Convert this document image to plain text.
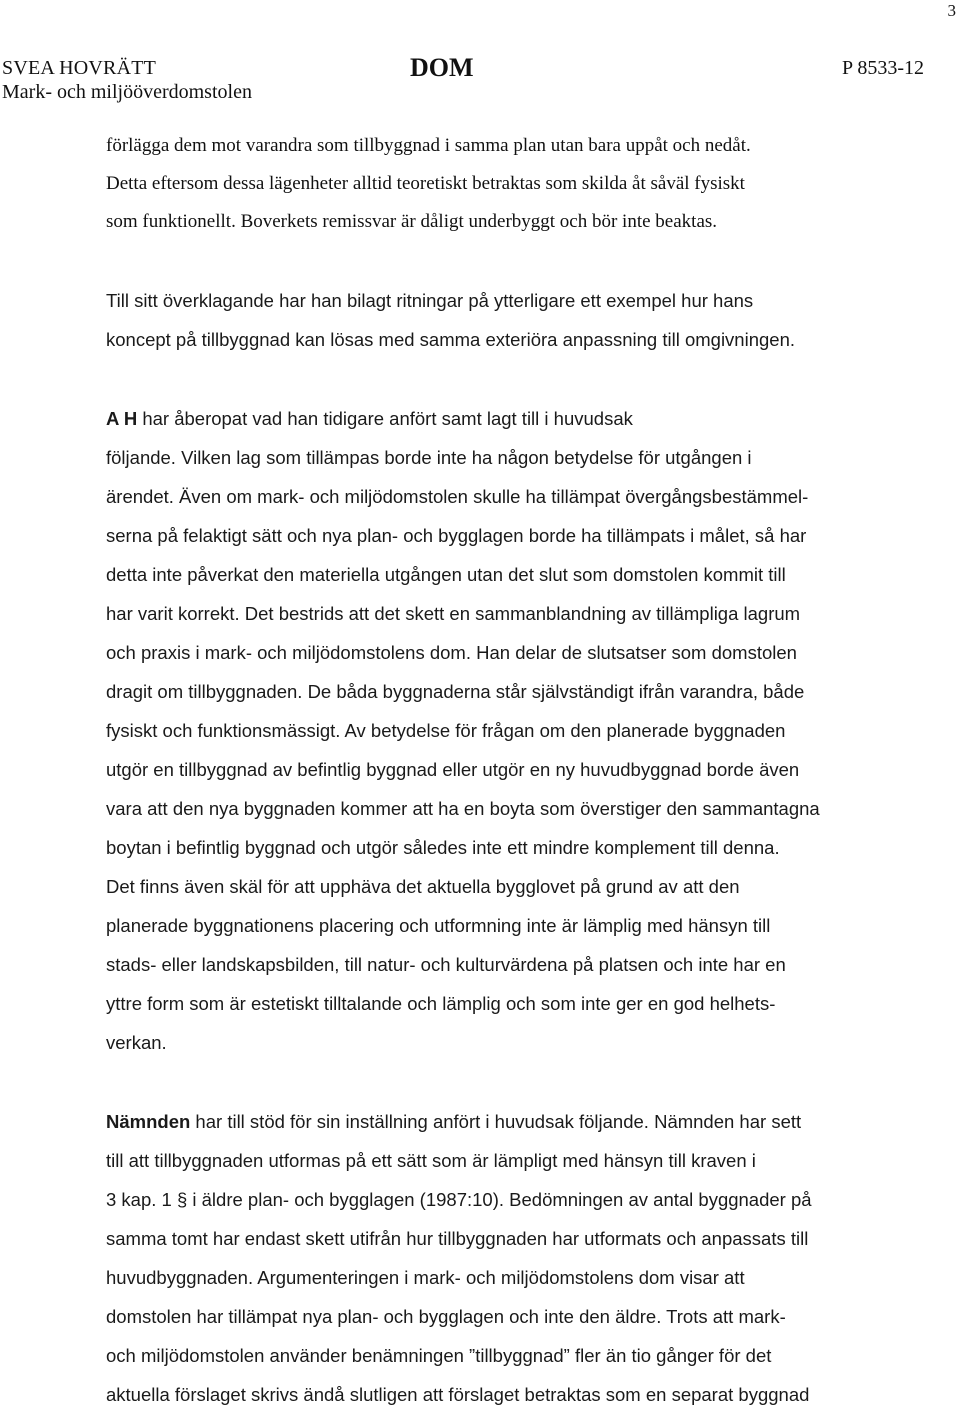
3
SVEA HOVRÄTT
Mark- och miljööverdomstolen
DOM	P 8533-12

förlägga dem mot varandra som tillbyggnad i samma plan utan bara uppåt och nedåt.
Detta eftersom dessa lägenheter alltid teoretiskt betraktas som skilda åt såväl fysiskt
som funktionellt. Boverkets remissvar är dåligt underbyggt och bör inte beaktas.

Till sitt överklagande har han bilagt ritningar på ytterligare ett exempel hur hans
koncept på tillbyggnad kan lösas med samma exteriöra anpassning till omgivningen.

A H har åberopat vad han tidigare anfört samt lagt till i huvudsak
följande. Vilken lag som tillämpas borde inte ha någon betydelse för utgången i
ärendet. Även om mark- och miljödomstolen skulle ha tillämpat övergångsbestämmel-
serna på felaktigt sätt och nya plan- och bygglagen borde ha tillämpats i målet, så har
detta inte påverkat den materiella utgången utan det slut som domstolen kommit till
har varit korrekt. Det bestrids att det skett en sammanblandning av tillämpliga lagrum
och praxis i mark- och miljödomstolens dom. Han delar de slutsatser som domstolen
dragit om tillbyggnaden. De båda byggnaderna står självständigt ifrån varandra, både
fysiskt och funktionsmässigt. Av betydelse för frågan om den planerade byggnaden
utgör en tillbyggnad av befintlig byggnad eller utgör en ny huvudbyggnad borde även
vara att den nya byggnaden kommer att ha en boyta som överstiger den sammantagna
boytan i befintlig byggnad och utgör således inte ett mindre komplement till denna.
Det finns även skäl för att upphäva det aktuella bygglovet på grund av att den
planerade byggnationens placering och utformning inte är lämplig med hänsyn till
stads- eller landskapsbilden, till natur- och kulturvärdena på platsen och inte har en
yttre form som är estetiskt tilltalande och lämplig och som inte ger en god helhets-
verkan.

Nämnden har till stöd för sin inställning anfört i huvudsak följande. Nämnden har sett
till att tillbyggnaden utformas på ett sätt som är lämpligt med hänsyn till kraven i
3 kap. 1 § i äldre plan- och bygglagen (1987:10). Bedömningen av antal byggnader på
samma tomt har endast skett utifrån hur tillbyggnaden har utformats och anpassats till
huvudbyggnaden. Argumenteringen i mark- och miljödomstolens dom visar att
domstolen har tillämpat nya plan- och bygglagen och inte den äldre. Trots att mark-
och miljödomstolen använder benämningen ”tillbyggnad” fler än tio gånger för det
aktuella förslaget skrivs ändå slutligen att förslaget betraktas som en separat byggnad
